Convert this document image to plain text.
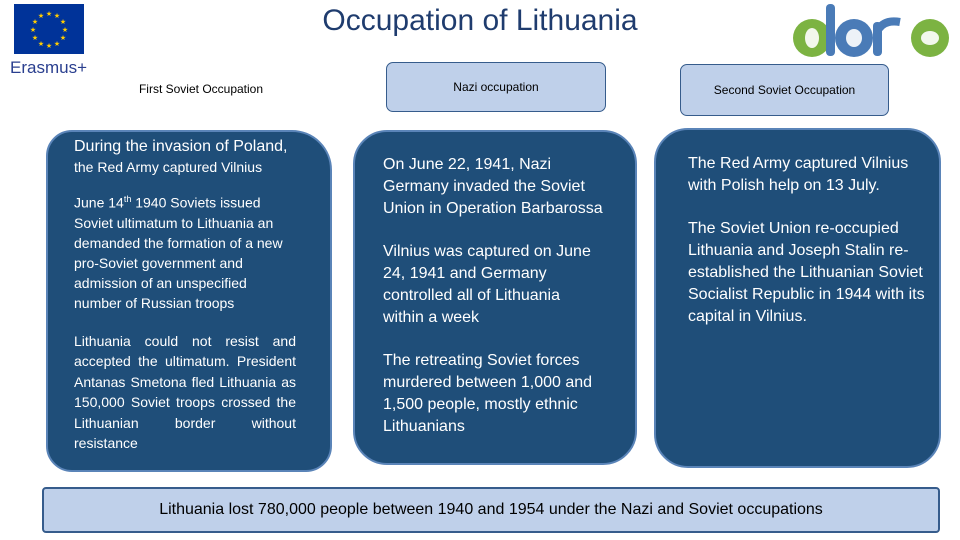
★ ★
★
★
★
★
★
★
★
★
★
★
Erasmus+
Occupation of Lithuania
First Soviet Occupation	Nazi occupation	Second Soviet Occupation

During the invasion of Poland, the Red Army captured Vilnius

June 14th 1940 Soviets issued Soviet ultimatum to Lithuania an demanded the formation of a new pro-Soviet government and admission of an unspecified number of Russian troops

Lithuania could not resist and accepted the ultimatum. President Antanas Smetona fled Lithuania as 150,000 Soviet troops crossed the Lithuanian border without resistance

On June 22, 1941, Nazi Germany invaded the Soviet Union in Operation Barbarossa

Vilnius was captured on June 24, 1941 and Germany controlled all of Lithuania within a week

The retreating Soviet forces murdered between 1,000 and 1,500 people, mostly ethnic Lithuanians

The Red Army captured Vilnius with Polish help on 13 July.

The Soviet Union re-occupied Lithuania and Joseph Stalin re-established the Lithuanian Soviet Socialist Republic in 1944 with its capital in Vilnius.

Lithuania lost 780,000 people between 1940 and 1954 under the Nazi and Soviet occupations
